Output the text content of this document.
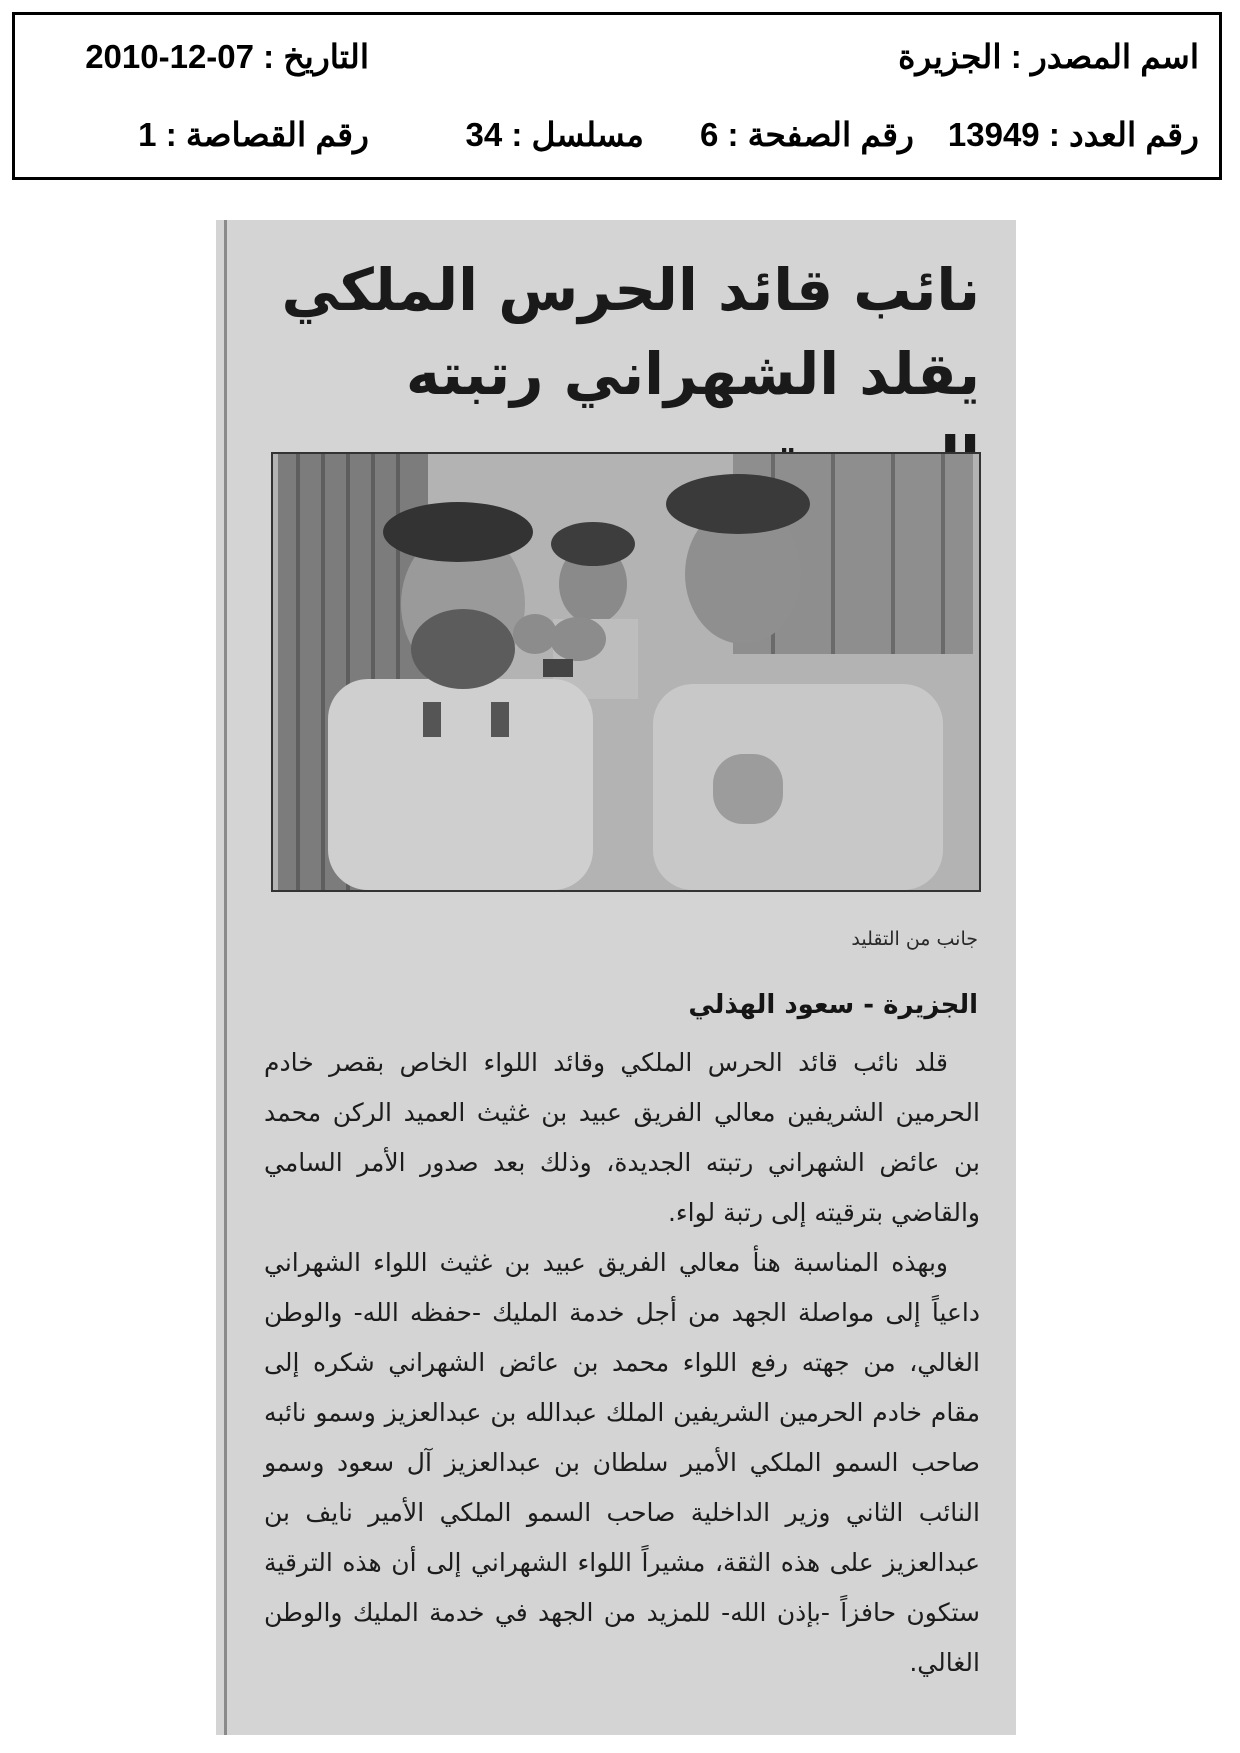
اسم المصدر : الجزيرة
التاريخ : 2010-12-07
رقم العدد : 13949
رقم الصفحة : 6
مسلسل : 34
رقم القصاصة : 1
نائب قائد الحرس الملكي يقلد الشهراني رتبته

جانب من التقليد

الجزيرة - سعود الهذلي

قلد نائب قائد الحرس الملكي وقائد اللواء الخاص بقصر خادم الحرمين الشريفين معالي الفريق عبيد بن غثيث العميد الركن محمد بن عائض الشهراني رتبته الجديدة، وذلك بعد صدور الأمر السامي والقاضي بترقيته إلى رتبة لواء.

وبهذه المناسبة هنأ معالي الفريق عبيد بن غثيث اللواء الشهراني داعياً إلى مواصلة الجهد من أجل خدمة المليك -حفظه الله- والوطن الغالي، من جهته رفع اللواء محمد بن عائض الشهراني شكره إلى مقام خادم الحرمين الشريفين الملك عبدالله بن عبدالعزيز وسمو نائبه صاحب السمو الملكي الأمير سلطان بن عبدالعزيز آل سعود وسمو النائب الثاني وزير الداخلية صاحب السمو الملكي الأمير نايف بن عبدالعزيز على هذه الثقة، مشيراً اللواء الشهراني إلى أن هذه الترقية ستكون حافزاً -بإذن الله- للمزيد من الجهد في خدمة المليك والوطن الغالي.
